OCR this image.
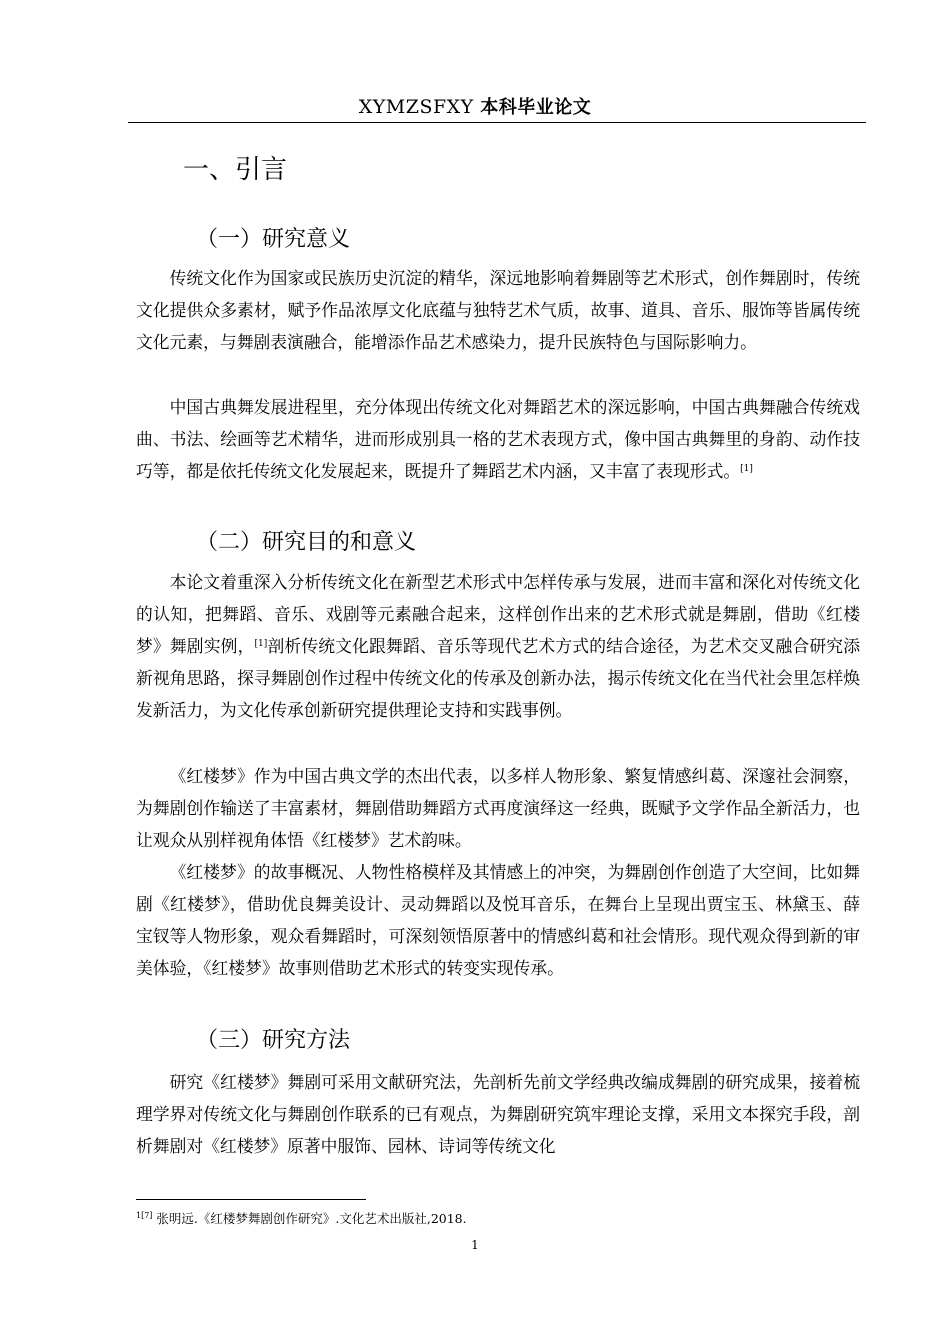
XYMZSFXY 本科毕业论文
一、引言
（一）研究意义

传统文化作为国家或民族历史沉淀的精华，深远地影响着舞剧等艺术形式，创作舞剧时，传统文化提供众多素材，赋予作品浓厚文化底蕴与独特艺术气质，故事、道具、音乐、服饰等皆属传统文化元素，与舞剧表演融合，能增添作品艺术感染力，提升民族特色与国际影响力。

中国古典舞发展进程里，充分体现出传统文化对舞蹈艺术的深远影响，中国古典舞融合传统戏曲、书法、绘画等艺术精华，进而形成别具一格的艺术表现方式，像中国古典舞里的身韵、动作技巧等，都是依托传统文化发展起来，既提升了舞蹈艺术内涵，又丰富了表现形式。[1]

（二）研究目的和意义

本论文着重深入分析传统文化在新型艺术形式中怎样传承与发展，进而丰富和深化对传统文化的认知，把舞蹈、音乐、戏剧等元素融合起来，这样创作出来的艺术形式就是舞剧，借助《红楼梦》舞剧实例，[1]剖析传统文化跟舞蹈、音乐等现代艺术方式的结合途径，为艺术交叉融合研究添新视角思路，探寻舞剧创作过程中传统文化的传承及创新办法，揭示传统文化在当代社会里怎样焕发新活力，为文化传承创新研究提供理论支持和实践事例。

《红楼梦》作为中国古典文学的杰出代表，以多样人物形象、繁复情感纠葛、深邃社会洞察，为舞剧创作输送了丰富素材，舞剧借助舞蹈方式再度演绎这一经典，既赋予文学作品全新活力，也让观众从别样视角体悟《红楼梦》艺术韵味。

《红楼梦》的故事概况、人物性格模样及其情感上的冲突，为舞剧创作创造了大空间，比如舞剧《红楼梦》，借助优良舞美设计、灵动舞蹈以及悦耳音乐，在舞台上呈现出贾宝玉、林黛玉、薛宝钗等人物形象，观众看舞蹈时，可深刻领悟原著中的情感纠葛和社会情形。现代观众得到新的审美体验，《红楼梦》故事则借助艺术形式的转变实现传承。

（三）研究方法

研究《红楼梦》舞剧可采用文献研究法，先剖析先前文学经典改编成舞剧的研究成果，接着梳理学界对传统文化与舞剧创作联系的已有观点，为舞剧研究筑牢理论支撑，采用文本探究手段，剖析舞剧对《红楼梦》原著中服饰、园林、诗词等传统文化

$^{1[7]}$ 张明远.《红楼梦舞剧创作研究》.文化艺术出版社,2018.
1
